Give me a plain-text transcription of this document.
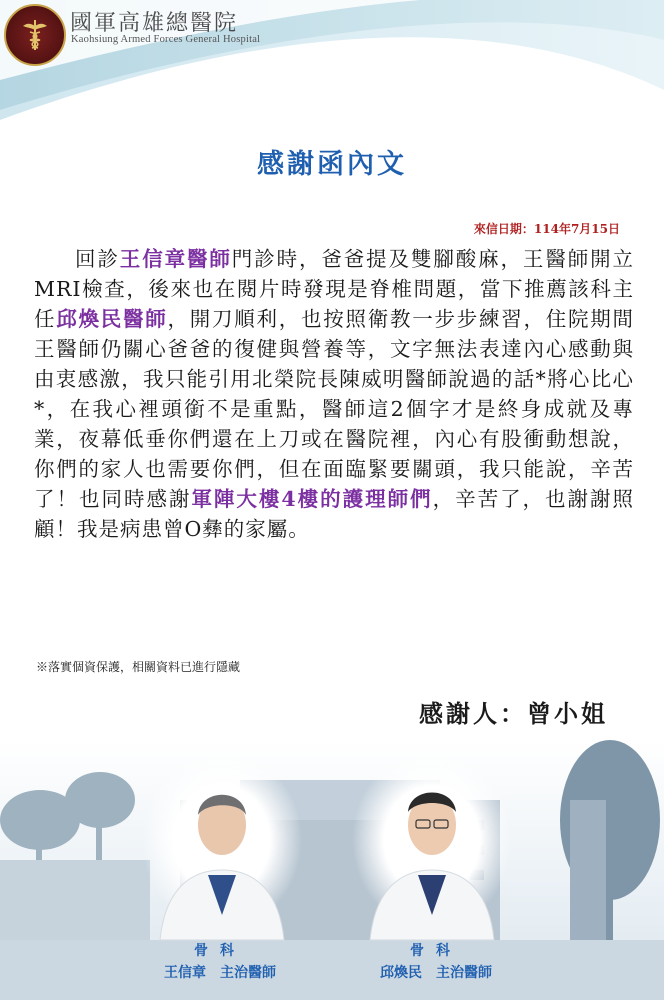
國軍高雄總醫院
Kaohsiung Armed Forces General Hospital
感謝函內文
來信日期：114年7月15日
回診王信章醫師門診時，爸爸提及雙腳酸麻，王醫師開立MRI檢查，後來也在閱片時發現是脊椎問題，當下推薦該科主任邱煥民醫師，開刀順利，也按照衛教一步步練習，住院期間王醫師仍關心爸爸的復健與營養等，文字無法表達內心感動與由衷感激，我只能引用北榮院長陳威明醫師說過的話*將心比心*，在我心裡頭銜不是重點，醫師這2個字才是終身成就及專業，夜幕低垂你們還在上刀或在醫院裡，內心有股衝動想說，你們的家人也需要你們，但在面臨緊要關頭，我只能說，辛苦了！也同時感謝軍陣大樓4樓的護理師們，辛苦了，也謝謝照顧！我是病患曾O彝的家屬。
※落實個資保護，相關資料已進行隱藏
感謝人：曾小姐
骨科
王信章　主治醫師
骨科
邱煥民　主治醫師
